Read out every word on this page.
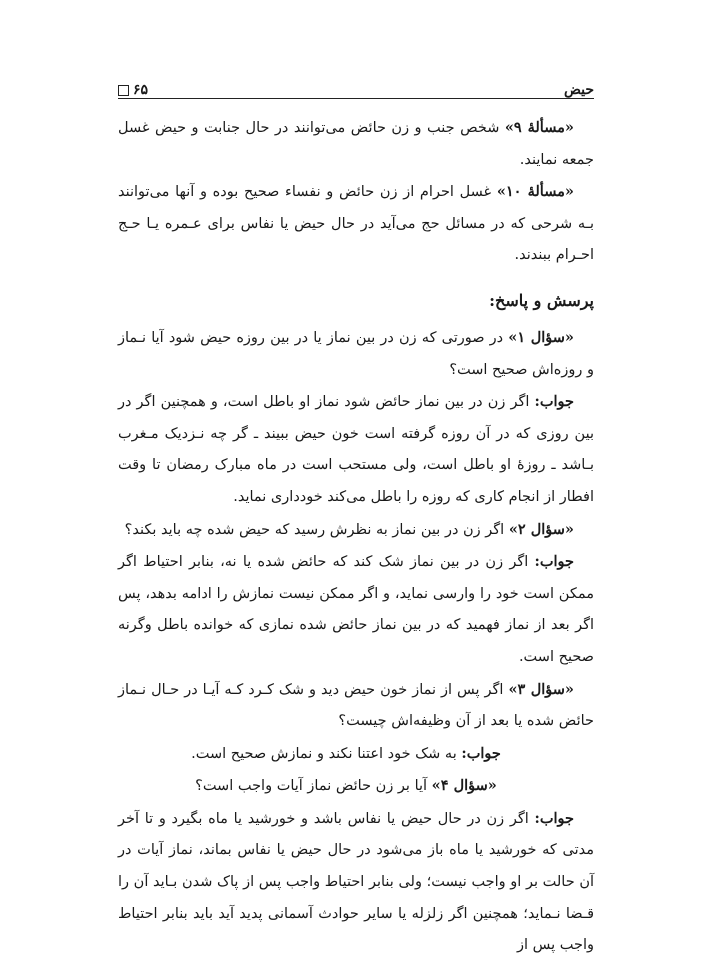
۶۵	حیض

«مسألهٔ ۹» شخص جنب و زن حائض می‌توانند در حال جنابت و حیض غسل جمعه نمایند.

«مسألهٔ ۱۰» غسل احرام از زن حائض و نفساء صحیح بوده و آنها می‌توانند بـه شرحی که در مسائل حج می‌آید در حال حیض یا نفاس برای عـمره یـا حـج احـرام ببندند.

پرسش و پاسخ:

«سؤال ۱» در صورتی که زن در بین نماز یا در بین روزه حیض شود آیا نـماز و روزه‌اش صحیح است؟

جواب: اگر زن در بین نماز حائض شود نماز او باطل است، و همچنین اگر در بین روزی که در آن روزه گرفته است خون حیض ببیند ـ گر چه نـزدیک مـغرب بـاشد ـ روزهٔ او باطل است، ولی مستحب است در ماه مبارک رمضان تا وقت افطار از انجام کاری که روزه را باطل می‌کند خودداری نماید.

«سؤال ۲» اگر زن در بین نماز به نظرش رسید که حیض شده چه باید بکند؟

جواب: اگر زن در بین نماز شک کند که حائض شده یا نه، بنابر احتیاط اگر ممکن است خود را وارسی نماید، و اگر ممکن نیست نمازش را ادامه بدهد، پس اگر بعد از نماز فهمید که در بین نماز حائض شده نمازی که خوانده باطل وگرنه صحیح است.

«سؤال ۳» اگر پس از نماز خون حیض دید و شک کـرد کـه آیـا در حـال نـماز حائض شده یا بعد از آن وظیفه‌اش چیست؟

جواب: به شک خود اعتنا نکند و نمازش صحیح است.

«سؤال ۴» آیا بر زن حائض نماز آیات واجب است؟

جواب: اگر زن در حال حیض یا نفاس باشد و خورشید یا ماه بگیرد و تا آخر مدتی که خورشید یا ماه باز می‌شود در حال حیض یا نفاس بماند، نماز آیات در آن حالت بر او واجب نیست؛ ولی بنابر احتیاط واجب پس از پاک شدن بـاید آن را قـضا نـماید؛ همچنین اگر زلزله یا سایر حوادث آسمانی پدید آید باید بنابر احتیاط واجب پس از
